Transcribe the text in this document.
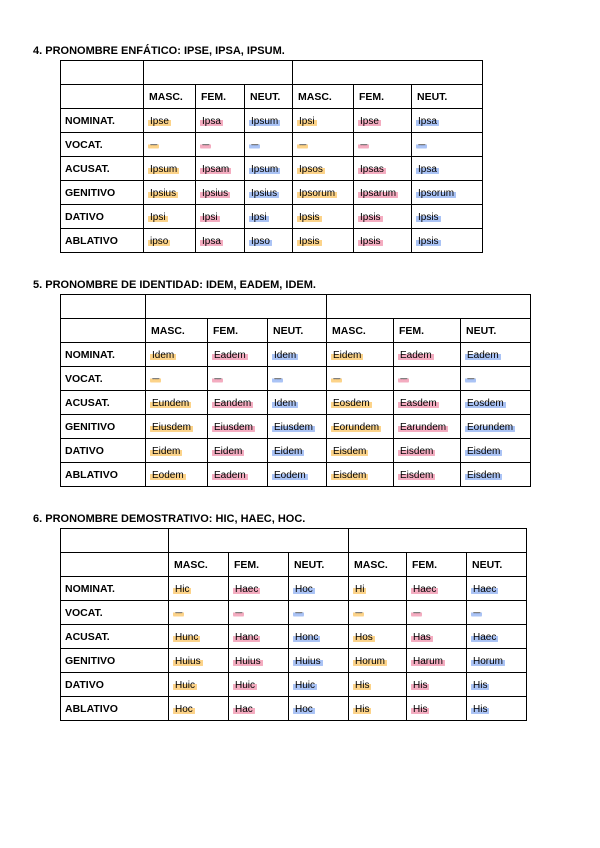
4. PRONOMBRE ENFÁTICO: IPSE, IPSA, IPSUM.

	MASC.	FEM.	NEUT.	MASC.	FEM.	NEUT.
NOMINAT.	Ipse	Ipsa	Ipsum	Ipsi	Ipse	Ipsa
VOCAT.	-----	-----	-----	-----	-----	-----
ACUSAT.	Ipsum	Ipsam	Ipsum	Ipsos	Ipsas	Ipsa
GENITIVO	Ipsius	Ipsius	Ipsius	Ipsorum	Ipsarum	Ipsorum
DATIVO	Ipsi	Ipsi	Ipsi	Ipsis	Ipsis	Ipsis
ABLATIVO	ipso	Ipsa	Ipso	Ipsis	Ipsis	Ipsis
5. PRONOMBRE DE IDENTIDAD: IDEM, EADEM, IDEM.

	MASC.	FEM.	NEUT.	MASC.	FEM.	NEUT.
NOMINAT.	Idem	Eadem	Idem	Eidem	Eadem	Eadem
VOCAT.	-----	-----	-----	-----	-----	-----
ACUSAT.	Eundem	Eandem	Idem	Eosdem	Easdem	Eosdem
GENITIVO	Eiusdem	Eiusdem	Eiusdem	Eorundem	Earundem	Eorundem
DATIVO	Eidem	Eidem	Eidem	Eisdem	Eisdem	Eisdem
ABLATIVO	Eodem	Eadem	Eodem	Eisdem	Eisdem	Eisdem
6. PRONOMBRE DEMOSTRATIVO: HIC, HAEC, HOC.

	MASC.	FEM.	NEUT.	MASC.	FEM.	NEUT.
NOMINAT.	Hic	Haec	Hoc	Hi	Haec	Haec
VOCAT.	-----	-----	-----	-----	-----	-----
ACUSAT.	Hunc	Hanc	Honc	Hos	Has	Haec
GENITIVO	Huius	Huius	Huius	Horum	Harum	Horum
DATIVO	Huic	Huic	Huic	His	His	His
ABLATIVO	Hoc	Hac	Hoc	His	His	His
